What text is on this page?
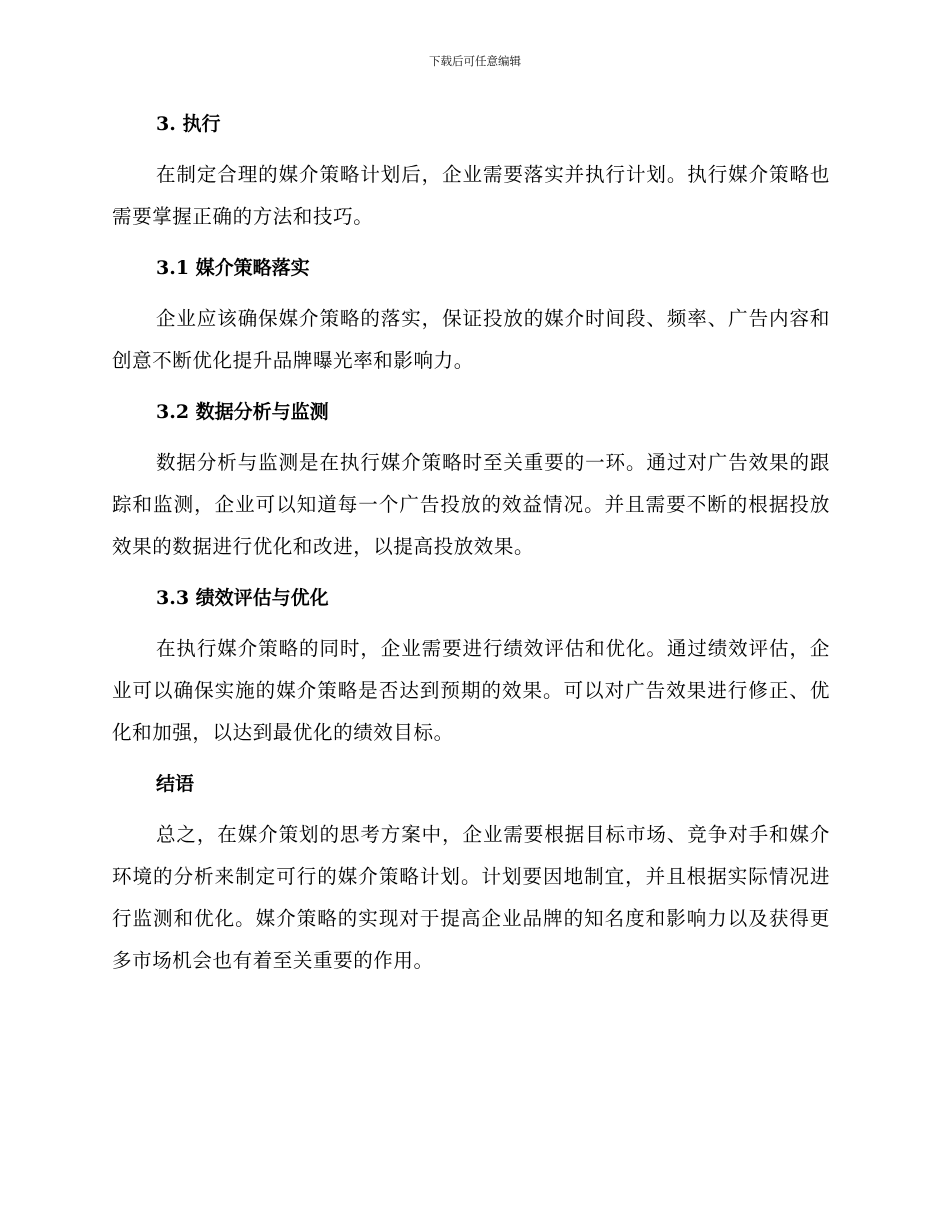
下载后可任意编辑
3. 执行

在制定合理的媒介策略计划后，企业需要落实并执行计划。执行媒介策略也需要掌握正确的方法和技巧。

3.1 媒介策略落实

企业应该确保媒介策略的落实，保证投放的媒介时间段、频率、广告内容和创意不断优化提升品牌曝光率和影响力。

3.2 数据分析与监测

数据分析与监测是在执行媒介策略时至关重要的一环。通过对广告效果的跟踪和监测，企业可以知道每一个广告投放的效益情况。并且需要不断的根据投放效果的数据进行优化和改进，以提高投放效果。

3.3 绩效评估与优化

在执行媒介策略的同时，企业需要进行绩效评估和优化。通过绩效评估，企业可以确保实施的媒介策略是否达到预期的效果。可以对广告效果进行修正、优化和加强，以达到最优化的绩效目标。

结语

总之，在媒介策划的思考方案中，企业需要根据目标市场、竞争对手和媒介环境的分析来制定可行的媒介策略计划。计划要因地制宜，并且根据实际情况进行监测和优化。媒介策略的实现对于提高企业品牌的知名度和影响力以及获得更多市场机会也有着至关重要的作用。
